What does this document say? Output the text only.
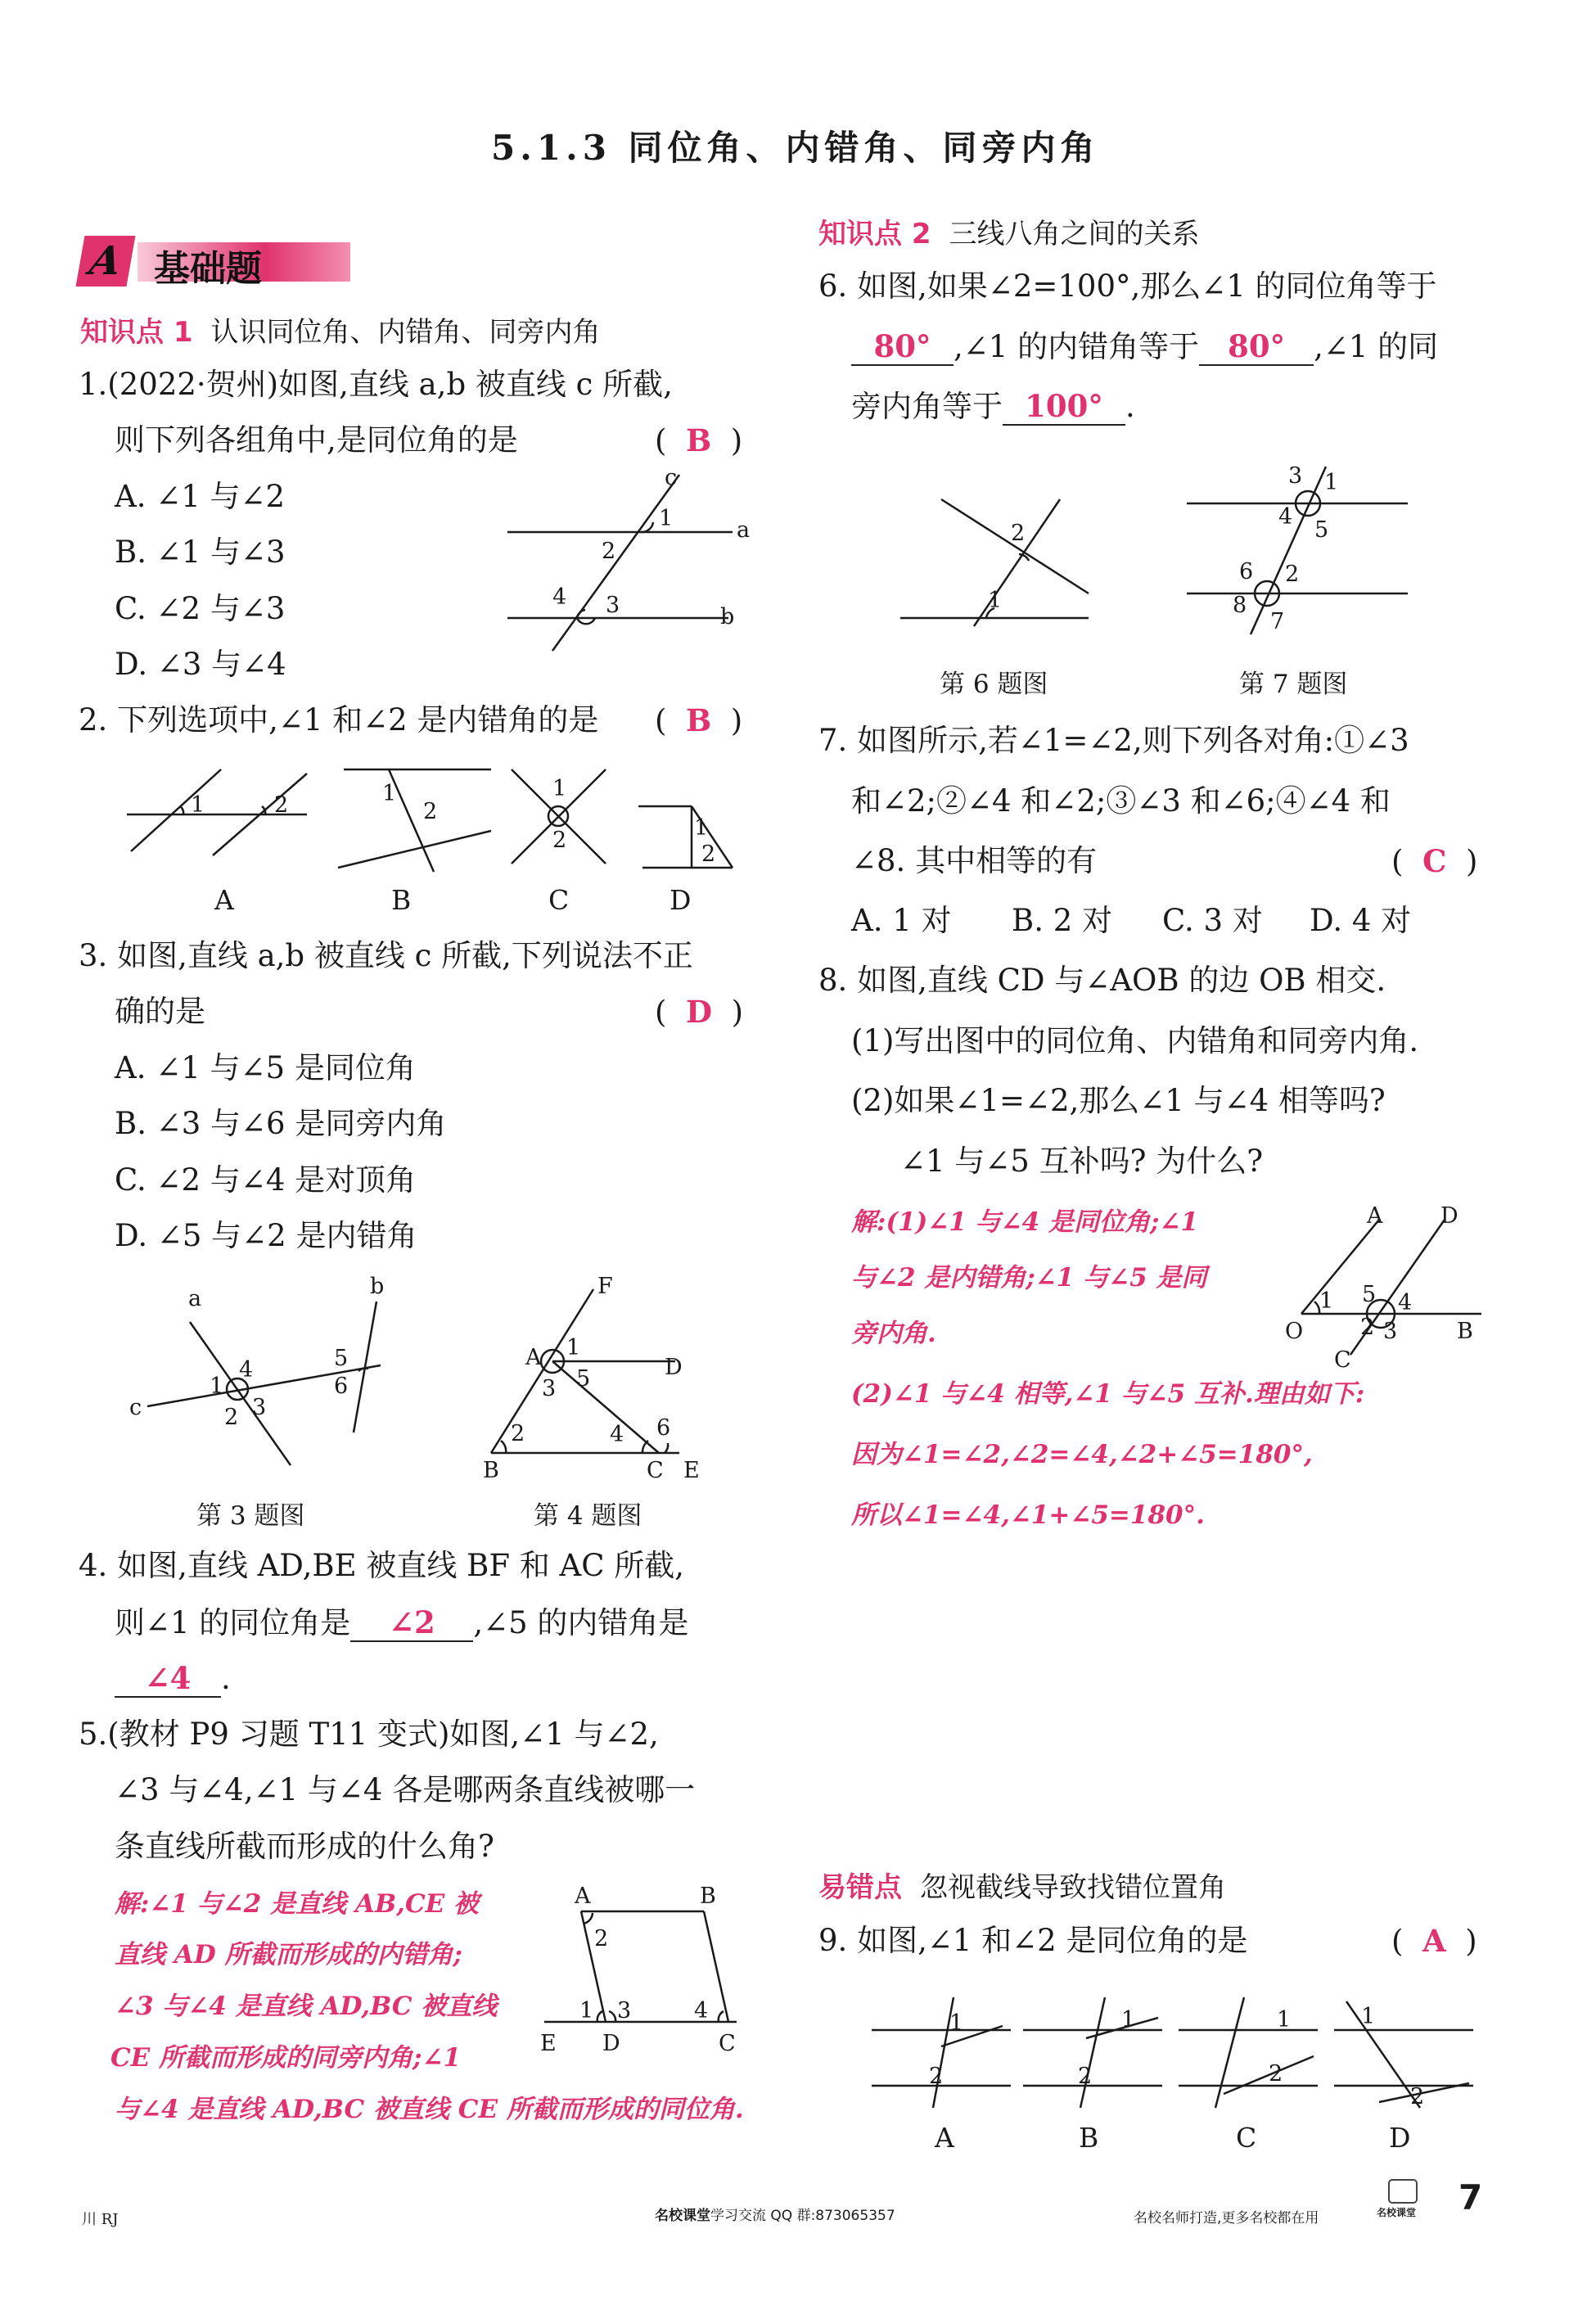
5.1.3 同位角、内错角、同旁内角
A 基础题
知识点 1 认识同位角、内错角、同旁内角
1.(2022·贺州)如图,直线 a,b 被直线 c 所截,
则下列各组角中,是同位角的是	( B )
A. ∠1 与∠2
B. ∠1 与∠3
C. ∠2 与∠3
D. ∠3 与∠4
c
a
b
1
2
4 3
2. 下列选项中,∠1 和∠2 是内错角的是 ( B )
1	2	1
2
1
2	1
2
A	B	C	D
3. 如图,直线 a,b 被直线 c 所截,下列说法不正
确的是	( D )
A. ∠1 与∠5 是同位角
B. ∠3 与∠6 是同旁内角
C. ∠2 与∠4 是对顶角
D. ∠5 与∠2 是内错角
a	b
c
1
2 3
4	5
6
第 3 题图
F
A	D
B	C E
1
2
3
4
5
6
第 4 题图
4. 如图,直线 AD,BE 被直线 BF 和 AC 所截,
则∠1 的同位角是 ∠2 ,∠5 的内错角是
∠4 .
5.(教材 P9 习题 T11 变式)如图,∠1 与∠2,
∠3 与∠4,∠1 与∠4 各是哪两条直线被哪一
条直线所截而形成的什么角?
解:∠1 与∠2 是直线 AB,CE 被
直线 AD 所截而形成的内错角;
∠3 与∠4 是直线 AD,BC 被直线
CE 所截而形成的同旁内角;∠1
与∠4 是直线 AD,BC 被直线 CE 所截而形成的同位角.
A	B
E D	C
1
2
3	4
知识点 2 三线八角之间的关系
6. 如图,如果∠2=100°,那么∠1 的同位角等于
80° ,∠1 的内错角等于 80° ,∠1 的同
旁内角等于 100° .
2
1
第 6 题图
3 1
4
5
6 2
8
7
第 7 题图
7. 如图所示,若∠1=∠2,则下列各对角:①∠3
和∠2;②∠4 和∠2;③∠3 和∠6;④∠4 和
∠8. 其中相等的有	( C )
A. 1 对 B. 2 对 C. 3 对 D. 4 对
8. 如图,直线 CD 与∠AOB 的边 OB 相交.
(1)写出图中的同位角、内错角和同旁内角.
(2)如果∠1=∠2,那么∠1 与∠4 相等吗?
∠1 与∠5 互补吗? 为什么?
解:(1)∠1 与∠4 是同位角;∠1
与∠2 是内错角;∠1 与∠5 是同
旁内角.
(2)∠1 与∠4 相等,∠1 与∠5 互补.理由如下:
因为∠1=∠2,∠2=∠4,∠2+∠5=180°,
所以∠1=∠4,∠1+∠5=180°.
A	D
O	B
C
1
2 3
4
5
易错点 忽视截线导致找错位置角
9. 如图,∠1 和∠2 是同位角的是	( A )
1
2
1
2
1
2
1
2
A	B	C	D
川 RJ	名校课堂学习交流 QQ 群:873065357	名校名师打造,更多名校都在用	名校课堂 7
